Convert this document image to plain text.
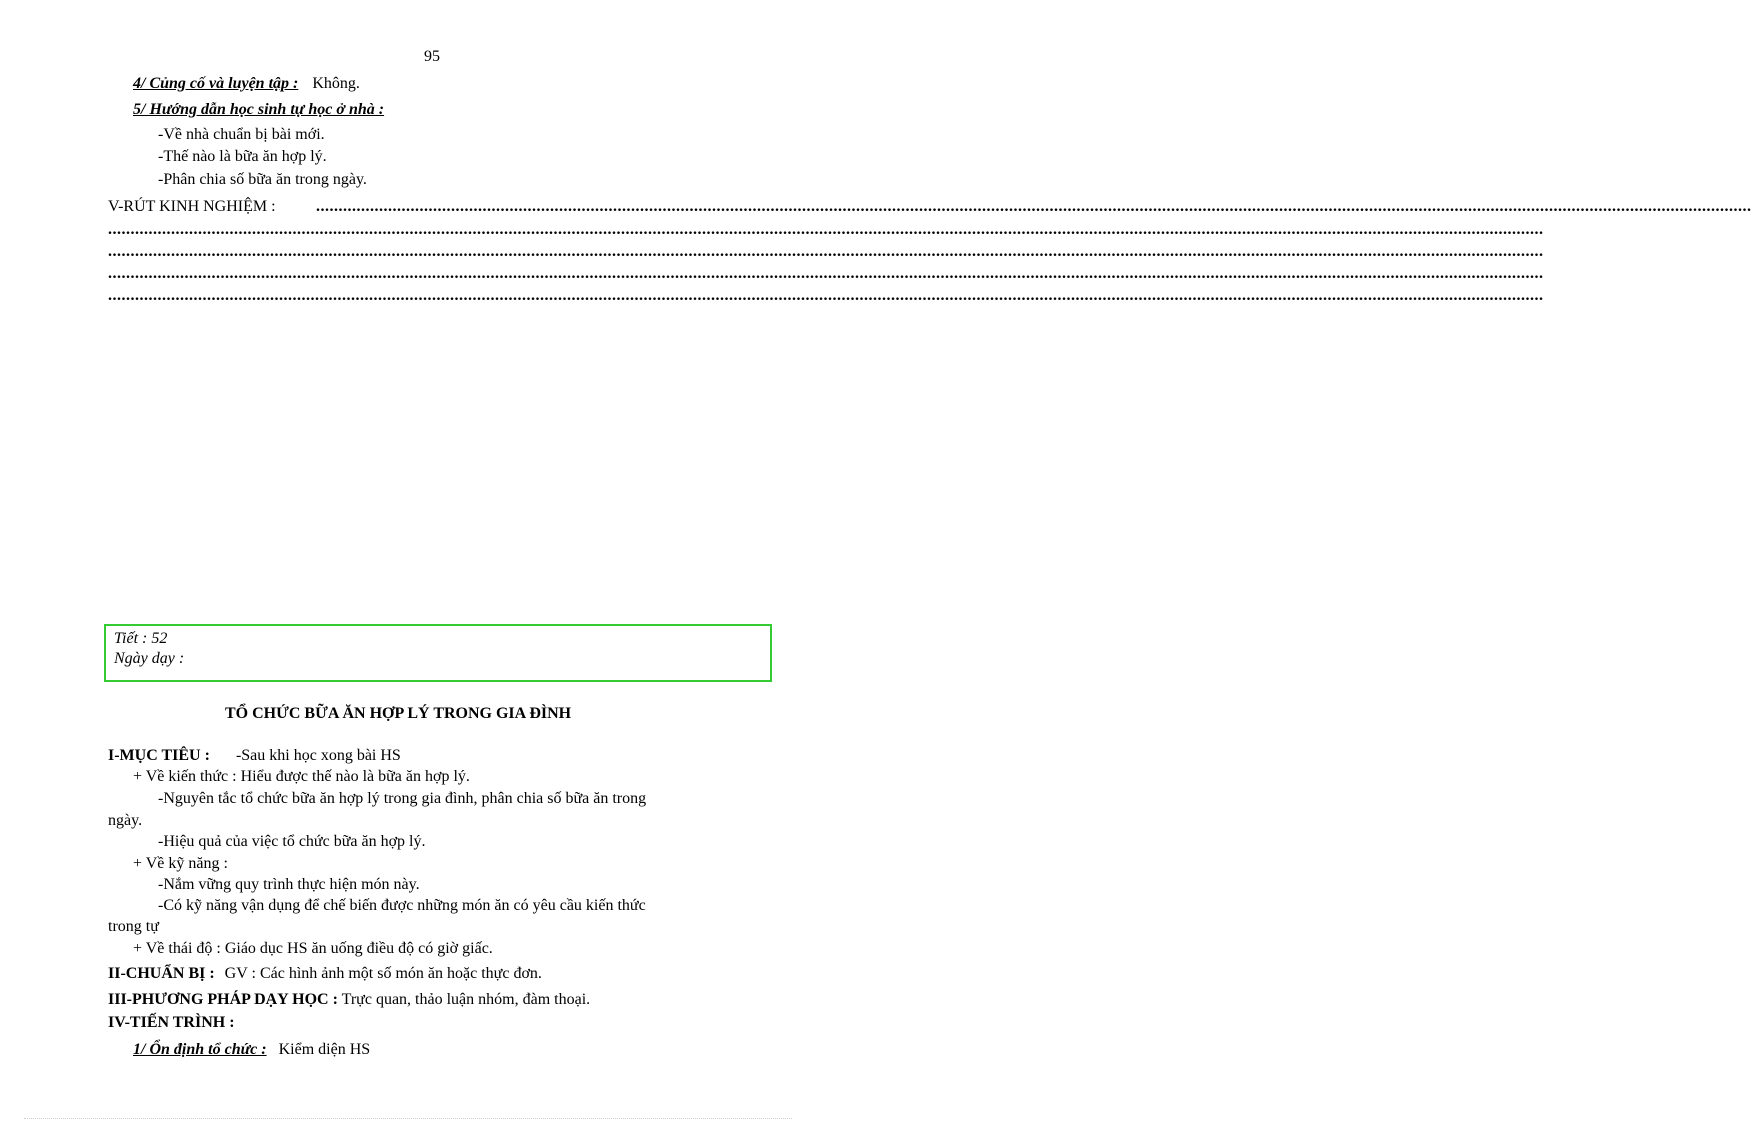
95
4/ Củng cố và luyện tập : Không.
5/ Hướng dẫn học sinh tự học ở nhà :
-Về nhà chuẩn bị bài mới.
-Thế nào là bữa ăn hợp lý.
-Phân chia số bữa ăn trong ngày.
V-RÚT KINH NGHIỆM :	...............................................................................................................................................................................................................................................................................................................................
...............................................................................................................................................................................................................................................................................................................................
...............................................................................................................................................................................................................................................................................................................................
...............................................................................................................................................................................................................................................................................................................................
...............................................................................................................................................................................................................................................................................................................................
Tiết : 52
Ngày dạy :
TỔ CHỨC BỮA ĂN HỢP LÝ TRONG GIA ĐÌNH
I-MỤC TIÊU : -Sau khi học xong bài HS
+ Về kiến thức : Hiểu được thế nào là bữa ăn hợp lý.
-Nguyên tắc tổ chức bữa ăn hợp lý trong gia đình, phân chia số bữa ăn trong
ngày.
-Hiệu quả của việc tổ chức bữa ăn hợp lý.
+ Về kỹ năng :
-Nắm vững quy trình thực hiện món này.
-Có kỹ năng vận dụng để chế biến được những món ăn có yêu cầu kiến thức
trong tự
+ Về thái độ : Giáo dục HS ăn uống điều độ có giờ giấc.
II-CHUẨN BỊ : GV : Các hình ảnh một số món ăn hoặc thực đơn.
III-PHƯƠNG PHÁP DẠY HỌC : Trực quan, thảo luận nhóm, đàm thoại.
IV-TIẾN TRÌNH :
1/ Ổn định tổ chức : Kiểm diện HS
